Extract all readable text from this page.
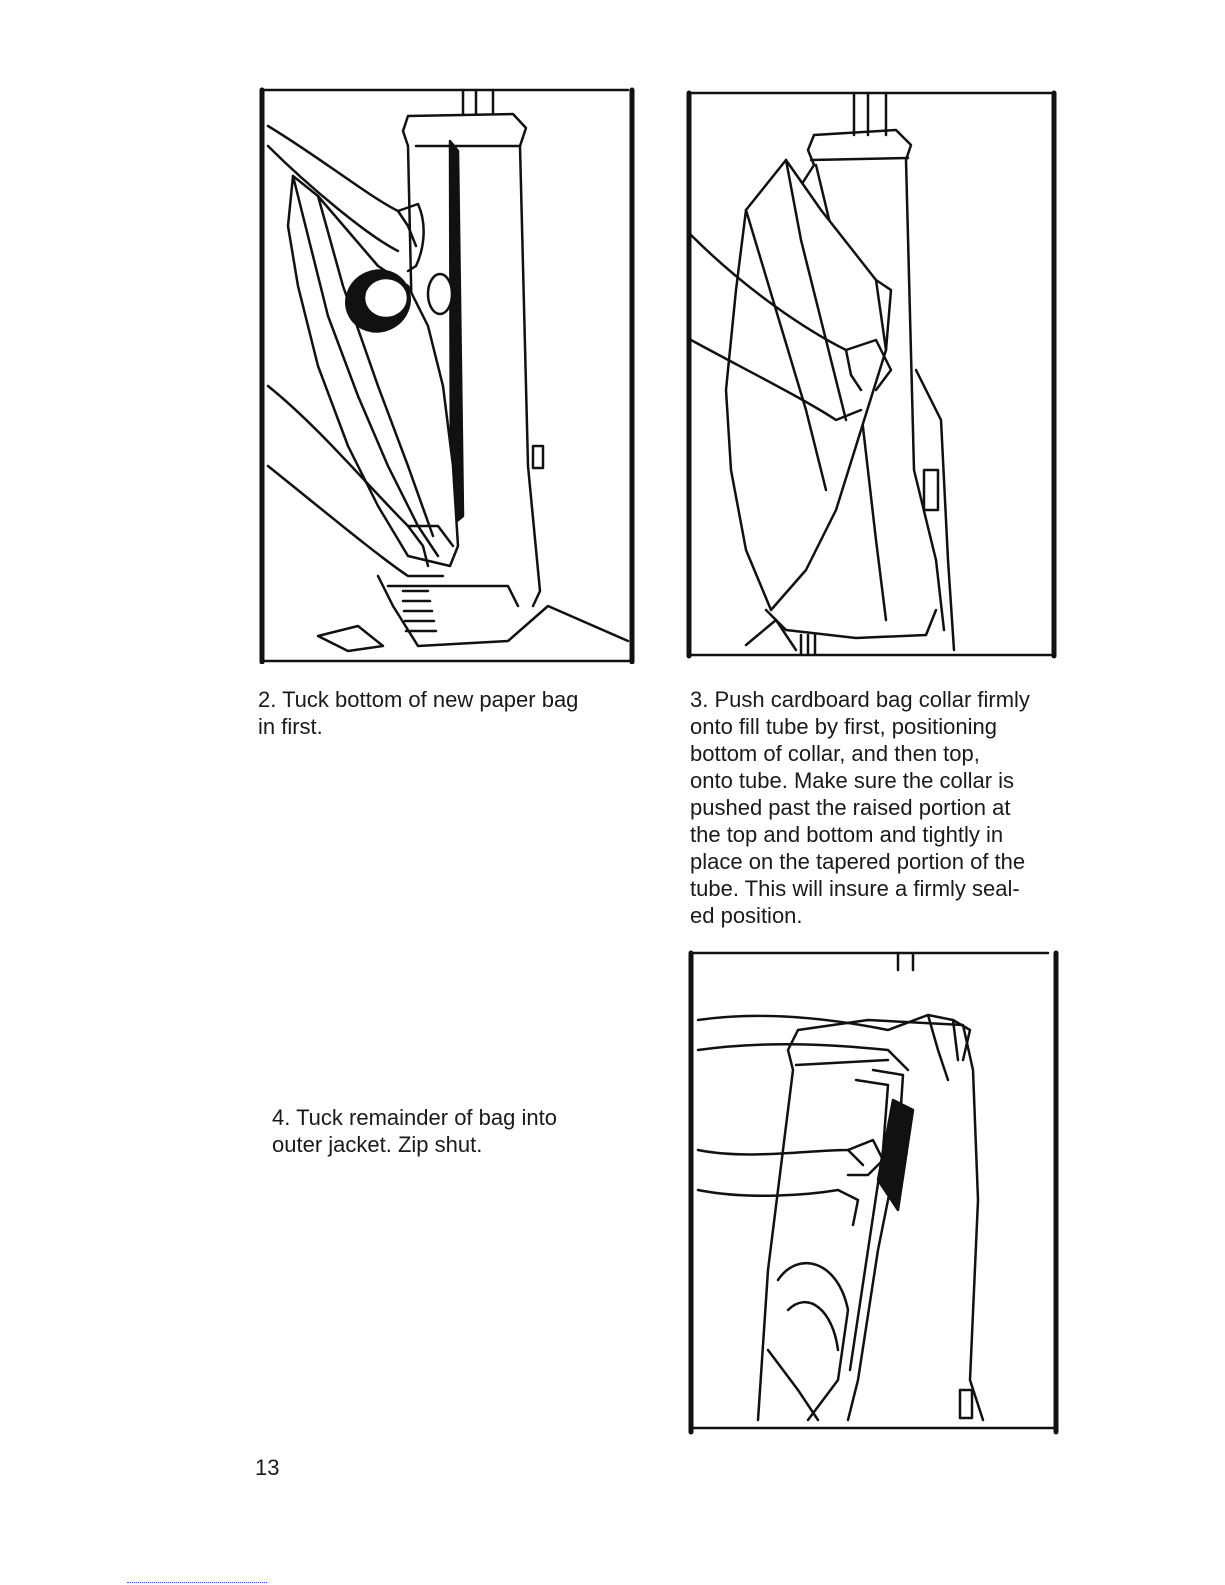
2. Tuck bottom of new paper bag
in first.

3. Push cardboard bag collar firmly
onto fill tube by first, positioning
bottom of collar, and then top,
onto tube. Make sure the collar is
pushed past the raised portion at
the top and bottom and tightly in
place on the tapered portion of the
tube. This will insure a firmly seal-
ed position.

4. Tuck remainder of bag into
outer jacket. Zip shut.

13
